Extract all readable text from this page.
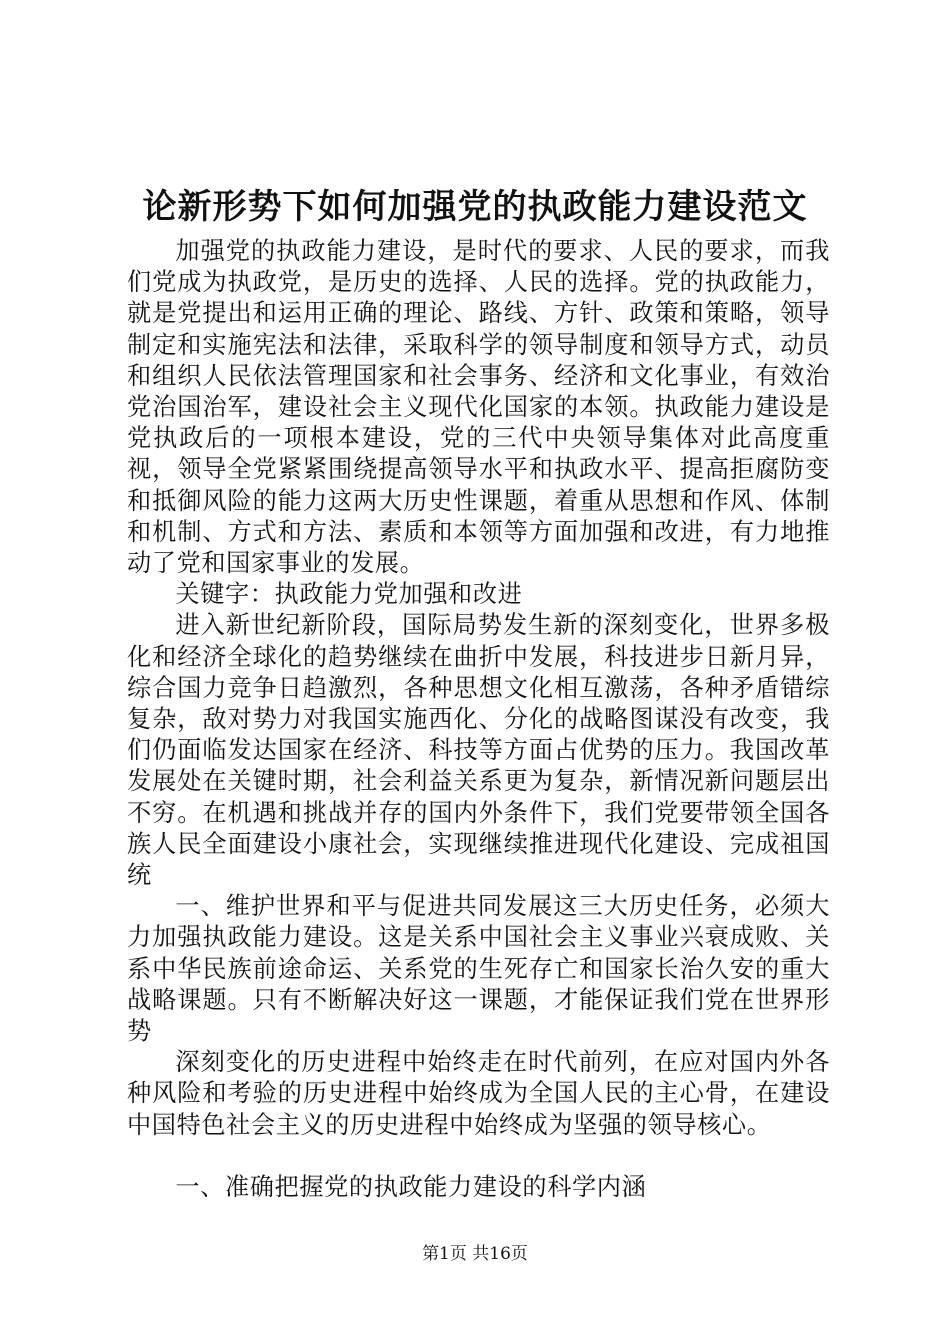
论新形势下如何加强党的执政能力建设范文

加强党的执政能力建设，是时代的要求、人民的要求，而我们党成为执政党，是历史的选择、人民的选择。党的执政能力，就是党提出和运用正确的理论、路线、方针、政策和策略，领导制定和实施宪法和法律，采取科学的领导制度和领导方式，动员和组织人民依法管理国家和社会事务、经济和文化事业，有效治党治国治军，建设社会主义现代化国家的本领。执政能力建设是党执政后的一项根本建设，党的三代中央领导集体对此高度重视，领导全党紧紧围绕提高领导水平和执政水平、提高拒腐防变和抵御风险的能力这两大历史性课题，着重从思想和作风、体制和机制、方式和方法、素质和本领等方面加强和改进，有力地推动了党和国家事业的发展。

关键字：执政能力党加强和改进

进入新世纪新阶段，国际局势发生新的深刻变化，世界多极化和经济全球化的趋势继续在曲折中发展，科技进步日新月异，综合国力竞争日趋激烈，各种思想文化相互激荡，各种矛盾错综复杂，敌对势力对我国实施西化、分化的战略图谋没有改变，我们仍面临发达国家在经济、科技等方面占优势的压力。我国改革发展处在关键时期，社会利益关系更为复杂，新情况新问题层出不穷。在机遇和挑战并存的国内外条件下，我们党要带领全国各族人民全面建设小康社会，实现继续推进现代化建设、完成祖国统

一、维护世界和平与促进共同发展这三大历史任务，必须大力加强执政能力建设。这是关系中国社会主义事业兴衰成败、关系中华民族前途命运、关系党的生死存亡和国家长治久安的重大战略课题。只有不断解决好这一课题，才能保证我们党在世界形势

深刻变化的历史进程中始终走在时代前列，在应对国内外各种风险和考验的历史进程中始终成为全国人民的主心骨，在建设中国特色社会主义的历史进程中始终成为坚强的领导核心。

一、准确把握党的执政能力建设的科学内涵

第1页 共16页
